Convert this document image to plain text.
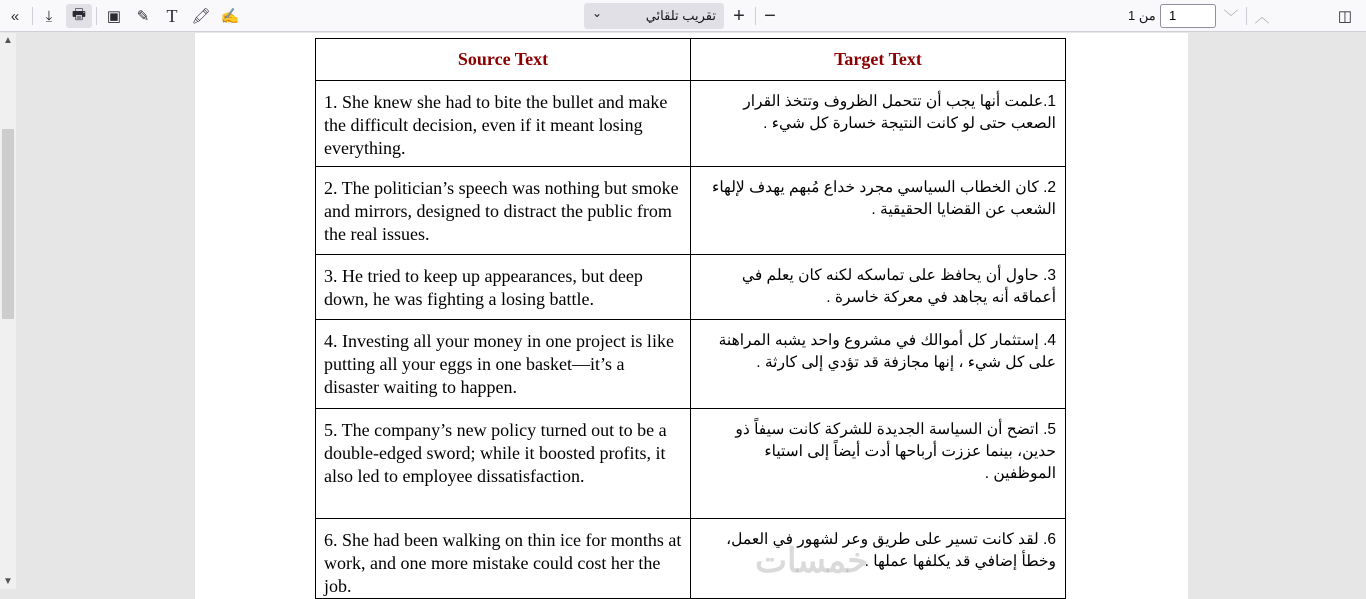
«	⤓	🖶	▣	✎ T 🖍 ✍	⌄	تقريب تلقائي + −	من 1	1	﹀	︿	◫
▲
▼
Source Text	Target Text
1. She knew she had to bite the bullet and make the difficult decision, even if it meant losing everything.	1.علمت أنها يجب أن تتحمل الظروف وتتخذ القرار الصعب حتى لو كانت النتيجة خسارة كل شيء .
2. The politician’s speech was nothing but smoke and mirrors, designed to distract the public from the real issues.	2. كان الخطاب السياسي مجرد خداع مُبهم يهدف لإلهاء الشعب عن القضايا الحقيقية .
3. He tried to keep up appearances, but deep down, he was fighting a losing battle.	3. حاول أن يحافظ على تماسكه لكنه كان يعلم في أعماقه أنه يجاهد في معركة خاسرة .
4. Investing all your money in one project is like putting all your eggs in one basket—it’s a disaster waiting to happen.	4. إستثمار كل أموالك في مشروع واحد يشبه المراهنة على كل شيء ، إنها مجازفة قد تؤدي إلى كارثة .
5. The company’s new policy turned out to be a double-edged sword; while it boosted profits, it also led to employee dissatisfaction.	5. اتضح أن السياسة الجديدة للشركة كانت سيفاً ذو حدين، بينما عززت أرباحها أدت أيضاً إلى استياء الموظفين .
6. She had been walking on thin ice for months at work, and one more mistake could cost her the job.	6. لقد كانت تسير على طريق وعر لشهور في العمل، وخطأ إضافي قد يكلفها عملها .
خمسات
